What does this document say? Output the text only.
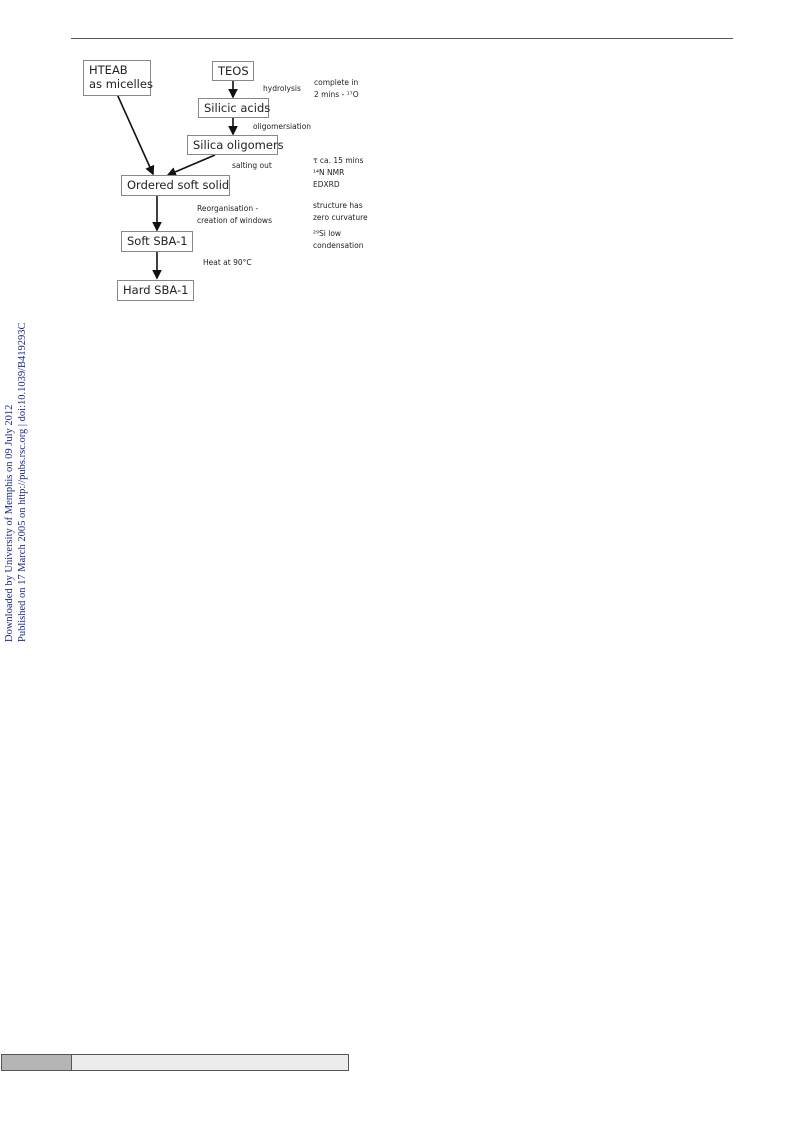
Downloaded by University of Memphis on 09 July 2012 Published on 17 March 2005 on http://pubs.rsc.org | doi:10.1039/B419293C
HTEAB
as micelles
TEOS
Silicic acids
Silica oligomers
Ordered soft solid
Soft SBA-1
Hard SBA-1
hydrolysis
oligomersiation
salting out
Reorganisation -
creation of windows
Heat at 90°C
complete in
2 mins - ¹⁷O
τ ca. 15 mins
¹⁴N NMR
EDXRD
structure has
zero curvature
²⁹Si low
condensation
